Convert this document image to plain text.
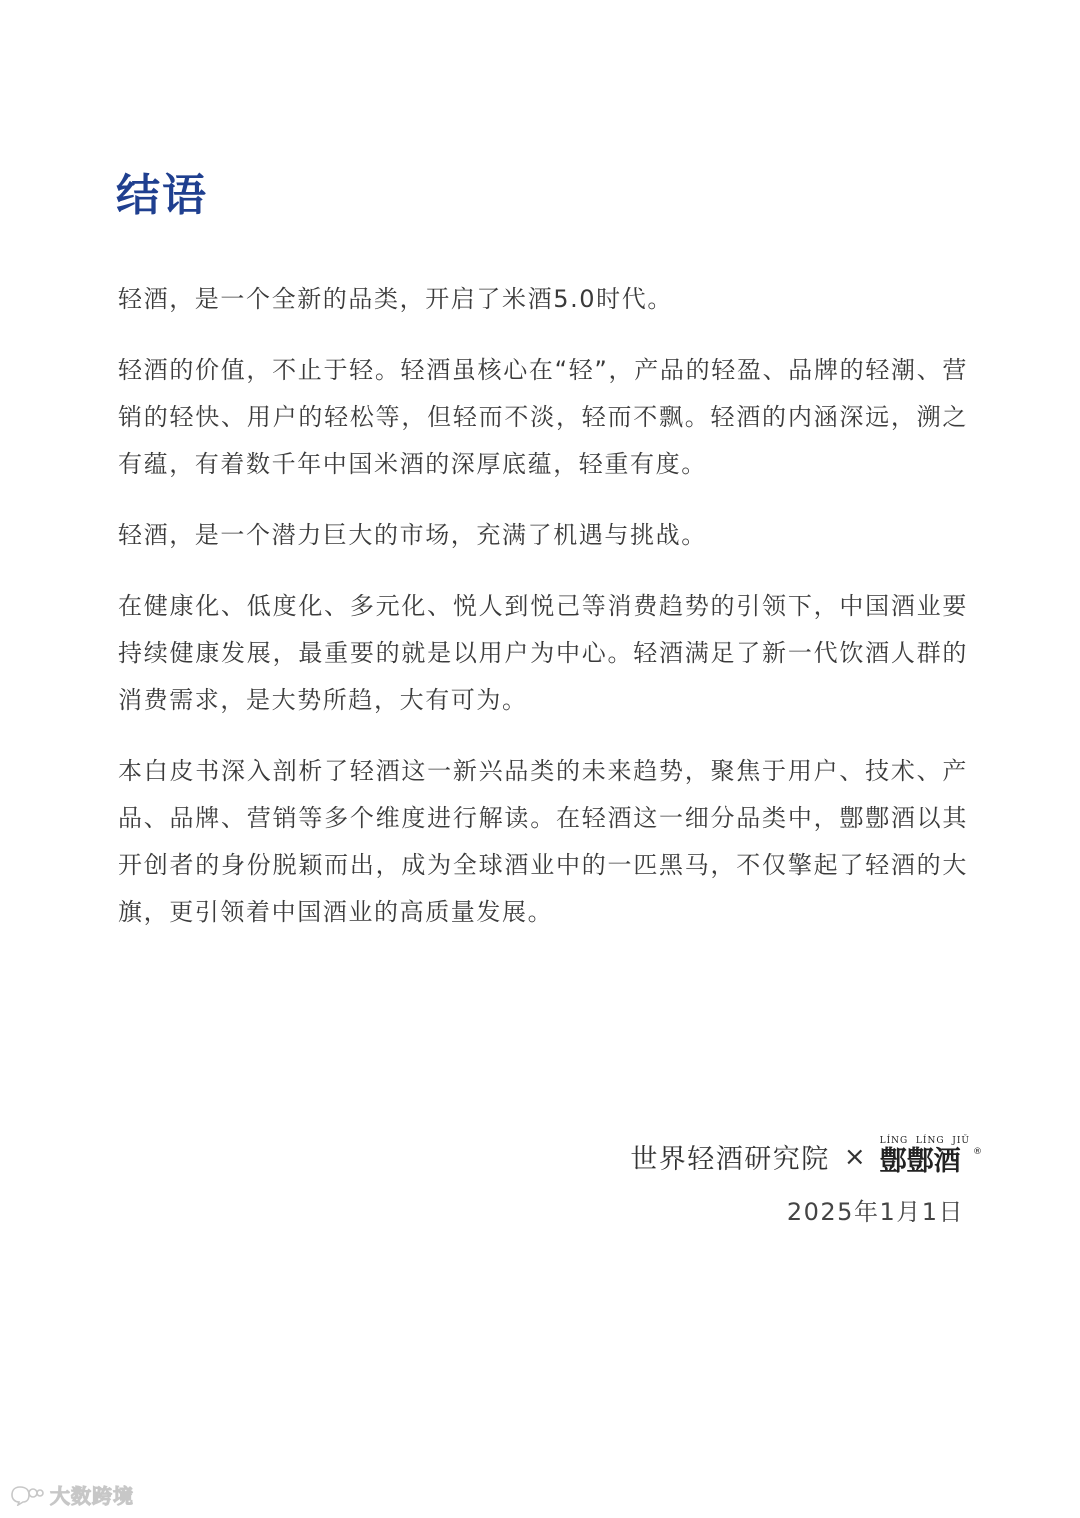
结语

轻酒，是一个全新的品类，开启了米酒5.0时代。

轻酒的价值，不止于轻。轻酒虽核心在“轻”，产品的轻盈、品牌的轻潮、营销的轻快、用户的轻松等，但轻而不淡，轻而不飘。轻酒的内涵深远，溯之有蕴，有着数千年中国米酒的深厚底蕴，轻重有度。

轻酒，是一个潜力巨大的市场，充满了机遇与挑战。

在健康化、低度化、多元化、悦人到悦己等消费趋势的引领下，中国酒业要持续健康发展，最重要的就是以用户为中心。轻酒满足了新一代饮酒人群的消费需求，是大势所趋，大有可为。

本白皮书深入剖析了轻酒这一新兴品类的未来趋势，聚焦于用户、技术、产品、品牌、营销等多个维度进行解读。在轻酒这一细分品类中，鄷鄷酒以其开创者的身份脱颖而出，成为全球酒业中的一匹黑马，不仅擎起了轻酒的大旗，更引领着中国酒业的高质量发展。

世界轻酒研究院 ×
LÍNG  LÍNG  JIǓ
鄷鄷酒 ®
2025年1月1日
大数跨境
